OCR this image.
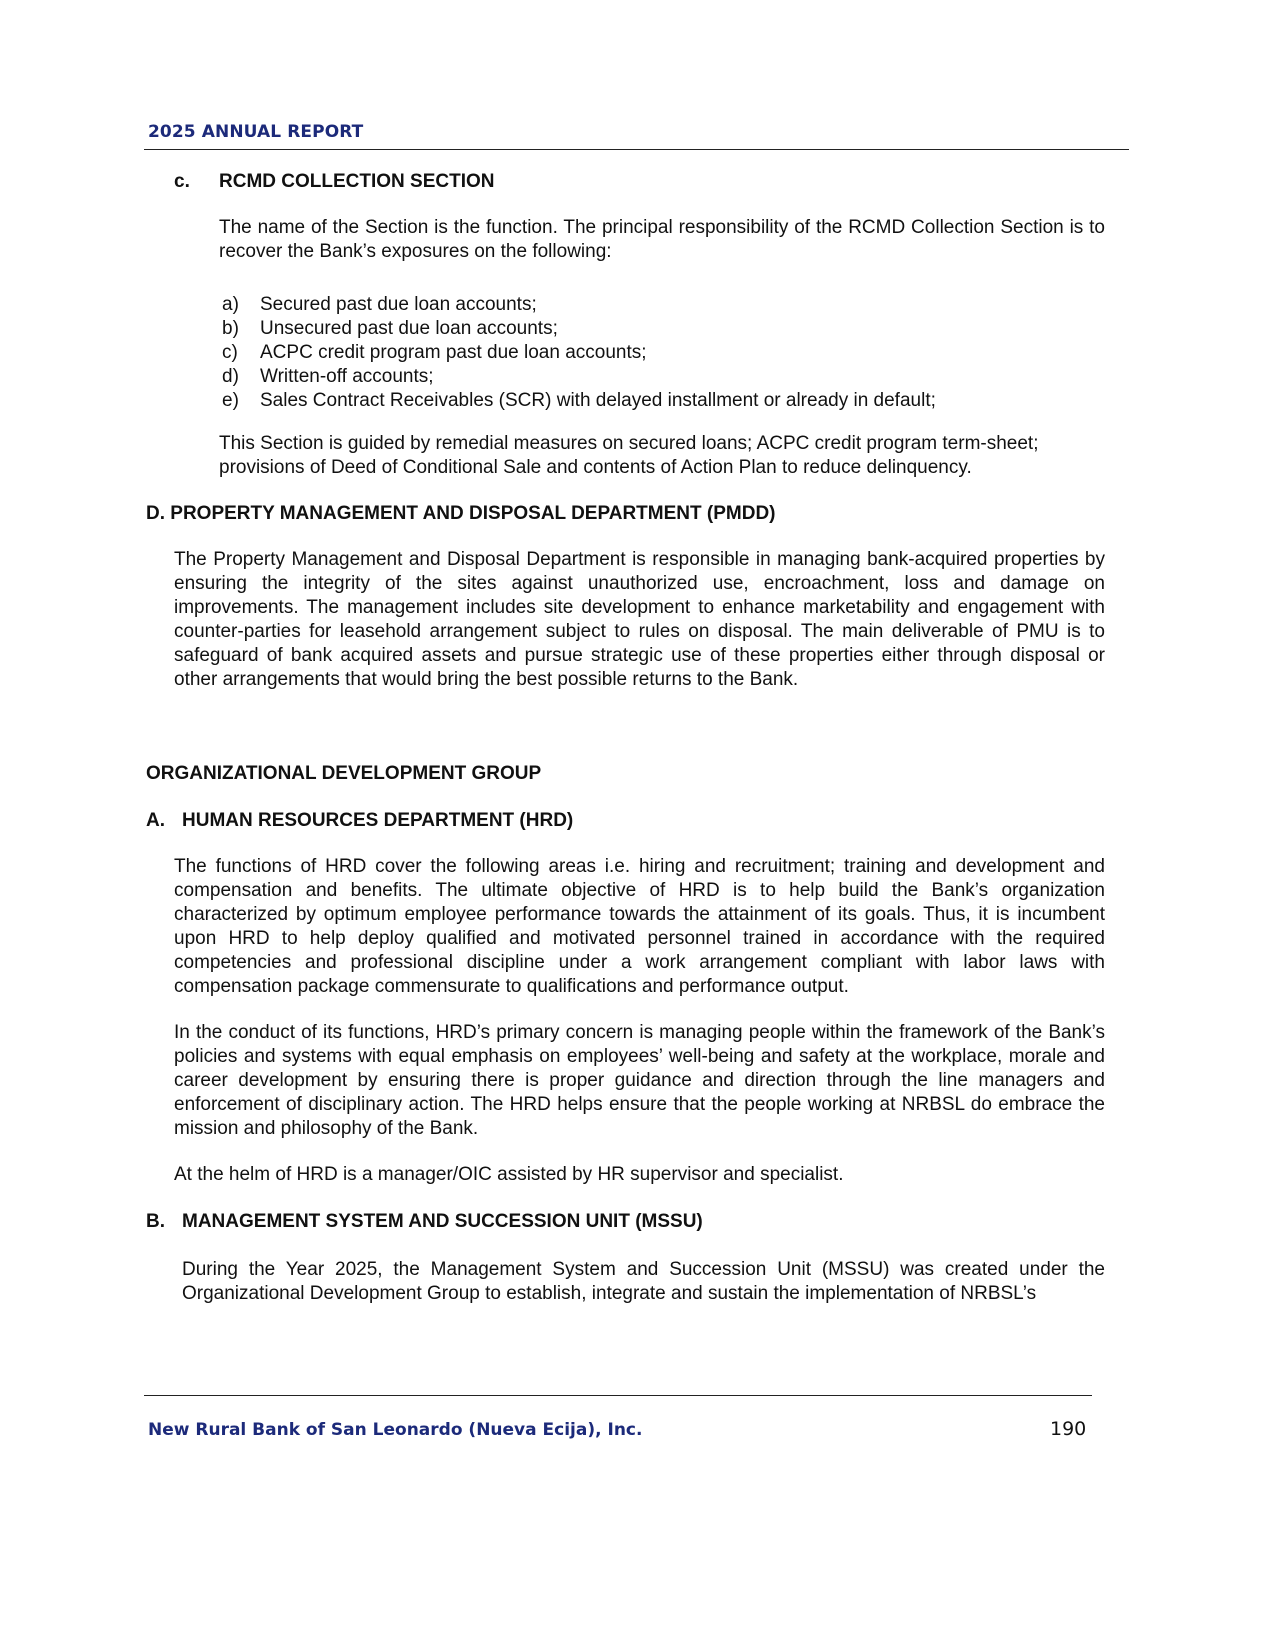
2025 ANNUAL REPORT
c. RCMD COLLECTION SECTION
The name of the Section is the function. The principal responsibility of the RCMD Collection Section is to recover the Bank’s exposures on the following:
a)	Secured past due loan accounts;
b)	Unsecured past due loan accounts;
c)	ACPC credit program past due loan accounts;
d)	Written-off accounts;
e)	Sales Contract Receivables (SCR) with delayed installment or already in default;
This Section is guided by remedial measures on secured loans; ACPC credit program term-sheet; provisions of Deed of Conditional Sale and contents of Action Plan to reduce delinquency.
D. PROPERTY MANAGEMENT AND DISPOSAL DEPARTMENT (PMDD)
The Property Management and Disposal Department is responsible in managing bank-acquired properties by ensuring the integrity of the sites against unauthorized use, encroachment, loss and damage on improvements. The management includes site development to enhance marketability and engagement with counter-parties for leasehold arrangement subject to rules on disposal. The main deliverable of PMU is to safeguard of bank acquired assets and pursue strategic use of these properties either through disposal or other arrangements that would bring the best possible returns to the Bank.
ORGANIZATIONAL DEVELOPMENT GROUP
A. HUMAN RESOURCES DEPARTMENT (HRD)
The functions of HRD cover the following areas i.e. hiring and recruitment; training and development and compensation and benefits. The ultimate objective of HRD is to help build the Bank’s organization characterized by optimum employee performance towards the attainment of its goals. Thus, it is incumbent upon HRD to help deploy qualified and motivated personnel trained in accordance with the required competencies and professional discipline under a work arrangement compliant with labor laws with compensation package commensurate to qualifications and performance output.
In the conduct of its functions, HRD’s primary concern is managing people within the framework of the Bank’s policies and systems with equal emphasis on employees’ well-being and safety at the workplace, morale and career development by ensuring there is proper guidance and direction through the line managers and enforcement of disciplinary action. The HRD helps ensure that the people working at NRBSL do embrace the mission and philosophy of the Bank.
At the helm of HRD is a manager/OIC assisted by HR supervisor and specialist.
B. MANAGEMENT SYSTEM AND SUCCESSION UNIT (MSSU)
During the Year 2025, the Management System and Succession Unit (MSSU) was created under the Organizational Development Group to establish, integrate and sustain the implementation of NRBSL’s
New Rural Bank of San Leonardo (Nueva Ecija), Inc.	190
